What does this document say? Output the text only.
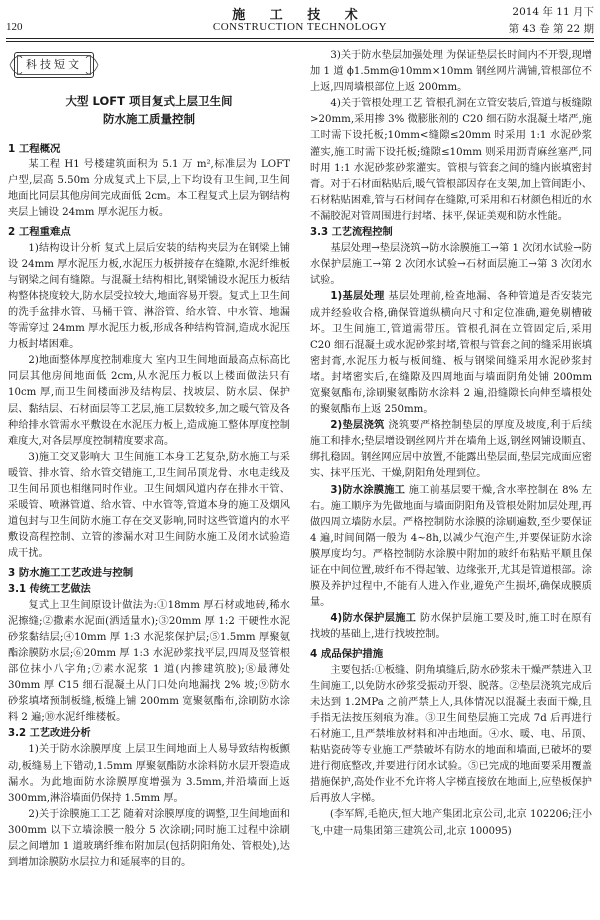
120
施 工 技 术
CONSTRUCTION TECHNOLOGY
2014 年 11 月下
第 43 卷 第 22 期
科技短文
大型 LOFT 项目复式上层卫生间
防水施工质量控制

1 工程概况

某工程 H1 号楼建筑面积为 5.1 万 m²,标准层为 LOFT 户型,层高 5.50m 分成复式上下层,上下均设有卫生间,卫生间地面比同层其他房间完成面低 2cm。本工程复式上层为钢结构夹层上铺设 24mm 厚水泥压力板。

2 工程重难点

1)结构设计分析 复式上层后安装的结构夹层为在钢梁上铺设 24mm 厚水泥压力板,水泥压力板拼接存在缝隙,水泥纤维板与钢梁之间有缝隙。与混凝土结构相比,钢梁铺设水泥压力板结构整体挠度较大,防水层受拉较大,地面容易开裂。复式上卫生间的洗手盆排水管、马桶干管、淋浴管、给水管、中水管、地漏等需穿过 24mm 厚水泥压力板,形成各种结构管洞,造成水泥压力板封堵困难。

2)地面整体厚度控制难度大 室内卫生间地面最高点标高比同层其他房间地面低 2cm,从水泥压力板以上楼面做法只有 10cm 厚,而卫生间楼面涉及结构层、找坡层、防水层、保护层、黏结层、石材面层等工艺层,施工层数较多,加之暖气管及各种给排水管需水平敷设在水泥压力板上,造成施工整体厚度控制难度大,对各层厚度控制精度要求高。

3)施工交叉影响大 卫生间施工本身工艺复杂,防水施工与采暖管、排水管、给水管交错施工,卫生间吊顶龙骨、水电走线及卫生间吊顶也相继同时作业。卫生间烟风道内存在排水干管、采暖管、喷淋管道、给水管、中水管等,管道本身的施工及烟风道包封与卫生间防水施工存在交叉影响,同时这些管道内的水平敷设高程控制、立管的渗漏水对卫生间防水施工及闭水试验造成干扰。

3 防水施工工艺改进与控制

3.1 传统工艺做法

复式上卫生间原设计做法为:①18mm 厚石材或地砖,稀水泥擦缝;②撒素水泥面(洒适量水);③20mm 厚 1:2 干硬性水泥砂浆黏结层;④10mm 厚 1:3 水泥浆保护层;⑤1.5mm 厚聚氨酯涂膜防水层;⑥20mm 厚 1:3 水泥砂浆找平层,四周及竖管根部位抹小八字角;⑦素水泥浆 1 道(内掺建筑胶);⑧最薄处 30mm 厚 C15 细石混凝土从门口处向地漏找 2% 坡;⑨防水砂浆填堵预制板缝,板缝上铺 200mm 宽聚氨酯布,涂刷防水涂料 2 遍;⑩水泥纤维楼板。

3.2 工艺改进分析

1)关于防水涂膜厚度 上层卫生间地面上人易导致结构板颤动,板缝易上下错动,1.5mm 厚聚氨酯防水涂料防水层开裂造成漏水。为此地面防水涂膜厚度增强为 3.5mm,并沿墙面上返 300mm,淋浴墙面仍保持 1.5mm 厚。

2)关于涂膜施工工艺 随着对涂膜厚度的调整,卫生间地面和 300mm 以下立墙涂膜一般分 5 次涂刷;同时施工过程中涂刷层之间增加 1 道玻璃纤维布附加层(包括阴阳角处、管根处),达到增加涂膜防水层拉力和延展率的目的。

3)关于防水垫层加强处理 为保证垫层长时间内不开裂,现增加 1 道 ϕ1.5mm@10mm×10mm 钢丝网片满铺,管根部位不上返,四周墙根部位上返 200mm。

4)关于管根处理工艺 管根孔洞在立管安装后,管道与板缝隙>20mm,采用掺 3% 微膨胀剂的 C20 细石防水混凝土堵严,施工时需下设托板;10mm<缝隙≤20mm 时采用 1:1 水泥砂浆灌实,施工时需下设托板;缝隙≤10mm 则采用沥青麻丝塞严,同时用 1:1 水泥砂浆砂浆灌实。管根与管套之间的缝内嵌填密封膏。对于石材面粘贴后,暖气管根部因存在支架,加上管间距小、石材粘贴困难,管与石材间存在缝隙,可采用和石材颜色相近的水不漏胶泥对管周围进行封堵、抹平,保证美观和防水性能。

3.3 工艺流程控制

基层处理→垫层浇筑→防水涂膜施工→第 1 次闭水试验→防水保护层施工→第 2 次闭水试验→石材面层施工→第 3 次闭水试验。

1)基层处理 基层处理前,检查地漏、各种管道是否安装完成并经验收合格,确保管道纵横向尺寸和定位准确,避免剔槽破坏。卫生间施工,管道需带压。管根孔洞在立管固定后,采用 C20 细石混凝土或水泥砂浆封堵,管根与管套之间的缝采用嵌填密封膏,水泥压力板与板间缝、板与钢梁间缝采用水泥砂浆封堵。封堵密实后,在缝隙及四周地面与墙面阴角处铺 200mm 宽聚氨酯布,涂刷聚氨酯防水涂料 2 遍,沿缝隙长向伸至墙根处的聚氨酯布上返 250mm。

2)垫层浇筑 浇筑要严格控制垫层的厚度及坡度,利于后续施工和排水;垫层增设钢丝网片并在墙角上返,钢丝网铺设顺直、绑扎稳固。钢丝网应居中放置,不能露出垫层面,垫层完成面应密实、抹平压光、干燥,阴阳角处理到位。

3)防水涂膜施工 施工前基层要干燥,含水率控制在 8% 左右。施工顺序为先做地面与墙面阴阳角及管根处附加层处理,再做四周立墙防水层。严格控制防水涂膜的涂刷遍数,至少要保证 4 遍,时间间隔一般为 4~8h,以减少气泡产生,并要保证防水涂膜厚度均匀。严格控制防水涂膜中附加的玻纤布粘贴平顺且保证在中间位置,玻纤布不得起皱、边缘张开,尤其是管道根部。涂膜及养护过程中,不能有人进入作业,避免产生损坏,确保成膜质量。

4)防水保护层施工 防水保护层施工要及时,施工时在原有找坡的基础上,进行找坡控制。

4 成品保护措施

主要包括:①板缝、阴角填缝后,防水砂浆未干燥严禁进入卫生间施工,以免防水砂浆受振动开裂、脱落。②垫层浇筑完成后未达到 1.2MPa 之前严禁上人,具体情况以混凝土表面干燥,且手指无法按压刻痕为准。③卫生间垫层施工完成 7d 后再进行石材施工,且严禁堆放材料和冲击地面。④水、暖、电、吊顶、粘贴瓷砖等专业施工严禁破坏有防水的地面和墙面,已破坏的要进行彻底整改,并要进行闭水试验。⑤已完成的地面要采用覆盖措施保护,高处作业不允许将人字梯直接放在地面上,应垫板保护后再放人字梯。

(李军辉,毛艳庆,恒大地产集团北京公司,北京 102206;汪小飞,中建一局集团第三建筑公司,北京 100095)
